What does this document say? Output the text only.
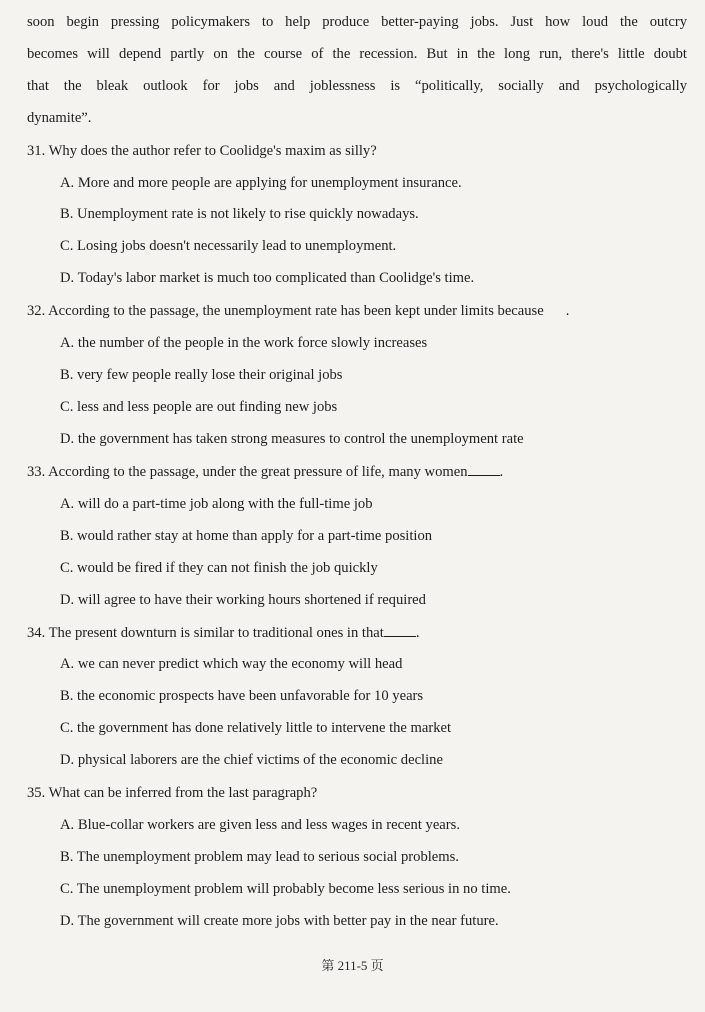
soon begin pressing policymakers to help produce better-paying jobs. Just how loud the outcry
becomes will depend partly on the course of the recession. But in the long run, there's little doubt
that the bleak outlook for jobs and joblessness is “politically, socially and psychologically
dynamite”.
31. Why does the author refer to Coolidge's maxim as silly?
A. More and more people are applying for unemployment insurance.
B. Unemployment rate is not likely to rise quickly nowadays.
C. Losing jobs doesn't necessarily lead to unemployment.
D. Today's labor market is much too complicated than Coolidge's time.
32. According to the passage, the unemployment rate has been kept under limits because .
A. the number of the people in the work force slowly increases
B. very few people really lose their original jobs
C. less and less people are out finding new jobs
D. the government has taken strong measures to control the unemployment rate
33. According to the passage, under the great pressure of life, many women .
A. will do a part-time job along with the full-time job
B. would rather stay at home than apply for a part-time position
C. would be fired if they can not finish the job quickly
D. will agree to have their working hours shortened if required
34. The present downturn is similar to traditional ones in that .
A. we can never predict which way the economy will head
B. the economic prospects have been unfavorable for 10 years
C. the government has done relatively little to intervene the market
D. physical laborers are the chief victims of the economic decline
35. What can be inferred from the last paragraph?
A. Blue-collar workers are given less and less wages in recent years.
B. The unemployment problem may lead to serious social problems.
C. The unemployment problem will probably become less serious in no time.
D. The government will create more jobs with better pay in the near future.
第 211-5 页
